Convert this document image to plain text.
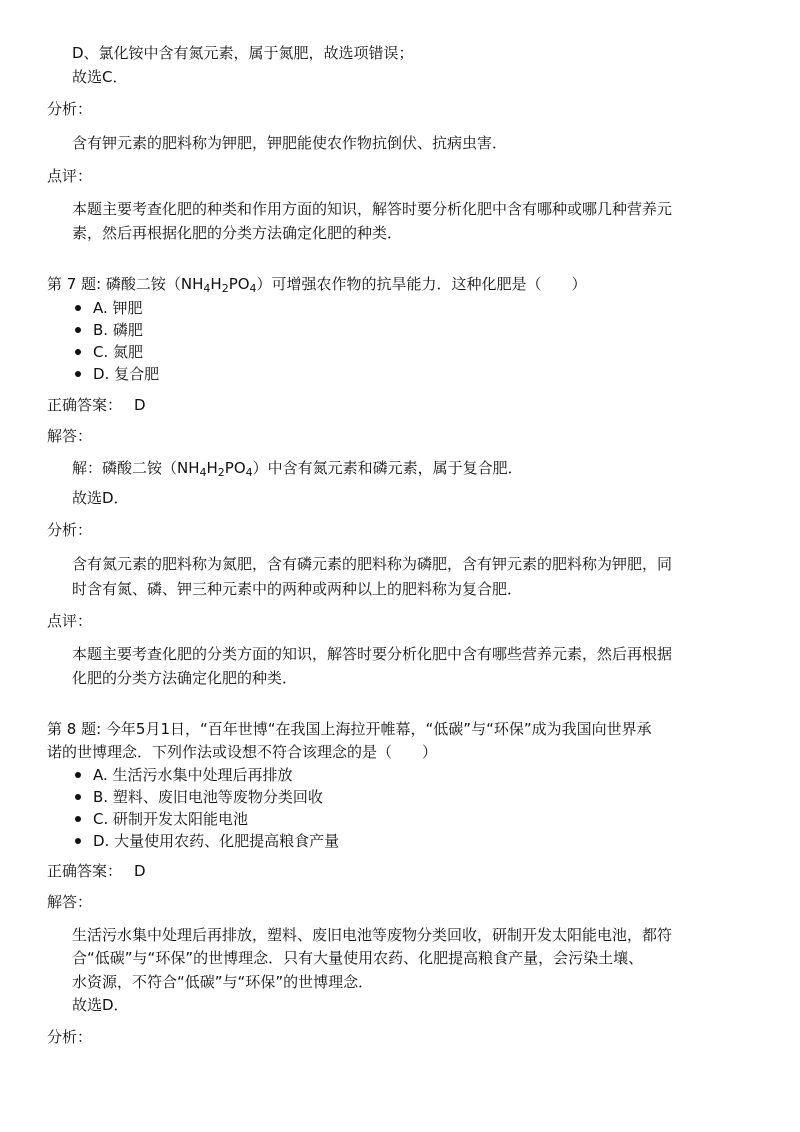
D、氯化铵中含有氮元素，属于氮肥，故选项错误；
故选C．
分析：
含有钾元素的肥料称为钾肥，钾肥能使农作物抗倒伏、抗病虫害．
点评：
本题主要考查化肥的种类和作用方面的知识，解答时要分析化肥中含有哪种或哪几种营养元
素，然后再根据化肥的分类方法确定化肥的种类．
第 7 题: 磷酸二铵$(NH_4H_2PO_4)$可增强农作物的抗旱能力．这种化肥是（　　）
A. 钾肥
B. 磷肥
C. 氮肥
D. 复合肥
正确答案： D
解答：
解：磷酸二铵$(NH_4H_2PO_4)$中含有氮元素和磷元素，属于复合肥．
故选D．
分析：
含有氮元素的肥料称为氮肥，含有磷元素的肥料称为磷肥，含有钾元素的肥料称为钾肥，同
时含有氮、磷、钾三种元素中的两种或两种以上的肥料称为复合肥．
点评：
本题主要考查化肥的分类方面的知识，解答时要分析化肥中含有哪些营养元素，然后再根据
化肥的分类方法确定化肥的种类．
第 8 题: 今年5月1日，“百年世博“在我国上海拉开帷幕，“低碳”与“环保”成为我国向世界承
诺的世博理念．下列作法或设想不符合该理念的是（　　）
A. 生活污水集中处理后再排放
B. 塑料、废旧电池等废物分类回收
C. 研制开发太阳能电池
D. 大量使用农药、化肥提高粮食产量
正确答案： D
解答：
生活污水集中处理后再排放，塑料、废旧电池等废物分类回收，研制开发太阳能电池，都符
合“低碳”与“环保”的世博理念．只有大量使用农药、化肥提高粮食产量，会污染土壤、
水资源，不符合“低碳”与“环保”的世博理念．
故选D．
分析：
